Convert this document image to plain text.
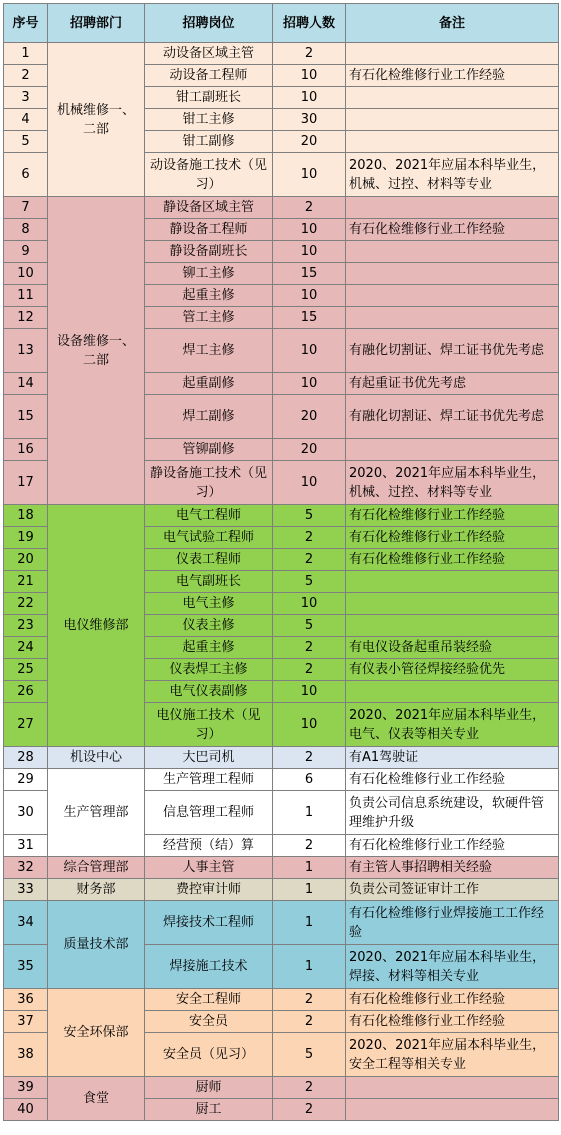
序号	招聘部门	招聘岗位	招聘人数	备注
1	机械维修一、二部	动设备区域主管	2	
2		动设备工程师	10	有石化检维修行业工作经验
3		钳工副班长	10	
4		钳工主修	30	
5		钳工副修	20	
6		动设备施工技术（见习）	10	2020、2021年应届本科毕业生，机械、过控、材料等专业
7	设备维修一、二部	静设备区域主管	2	
8		静设备工程师	10	有石化检维修行业工作经验
9		静设备副班长	10	
10		铆工主修	15	
11		起重主修	10	
12		管工主修	15	
13		焊工主修	10	有融化切割证、焊工证书优先考虑
14		起重副修	10	有起重证书优先考虑
15		焊工副修	20	有融化切割证、焊工证书优先考虑
16		管铆副修	20	
17		静设备施工技术（见习）	10	2020、2021年应届本科毕业生，机械、过控、材料等专业
18	电仪维修部	电气工程师	5	有石化检维修行业工作经验
19		电气试验工程师	2	有石化检维修行业工作经验
20		仪表工程师	2	有石化检维修行业工作经验
21		电气副班长	5	
22		电气主修	10	
23		仪表主修	5	
24		起重主修	2	有电仪设备起重吊装经验
25		仪表焊工主修	2	有仪表小管径焊接经验优先
26		电气仪表副修	10	
27		电仪施工技术（见习）	10	2020、2021年应届本科毕业生，电气、仪表等相关专业
28	机设中心	大巴司机	2	有A1驾驶证
29	生产管理部	生产管理工程师	6	有石化检维修行业工作经验
30		信息管理工程师	1	负责公司信息系统建设，软硬件管理维护升级
31		经营预（结）算	2	有石化检维修行业工作经验
32	综合管理部	人事主管	1	有主管人事招聘相关经验
33	财务部	费控审计师	1	负责公司签证审计工作
34	质量技术部	焊接技术工程师	1	有石化检维修行业焊接施工工作经验
35		焊接施工技术	1	2020、2021年应届本科毕业生，焊接、材料等相关专业
36	安全环保部	安全工程师	2	有石化检维修行业工作经验
37		安全员	2	有石化检维修行业工作经验
38		安全员（见习）	5	2020、2021年应届本科毕业生，安全工程等相关专业
39	食堂	厨师	2	
40		厨工	2	
